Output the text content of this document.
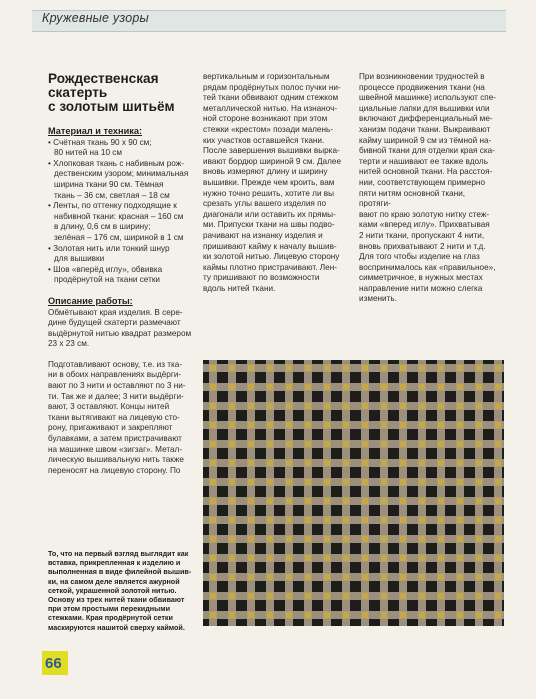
Кружевные узоры
Рождественская скатерть
с золотым шитьём
Материал и техника:
• Счётная ткань 90 х 90 см;
80 нитей на 10 см
• Хлопковая ткань с набивным рож-
дественским узором; минимальная
ширина ткани 90 см. Тёмная
ткань – 36 см, светлая – 18 см
• Ленты, по оттенку подходящие к
набивной ткани: красная – 160 см
в длину, 0,6 см в ширину;
зелёная – 176 см, шириной в 1 см
• Золотая нить или тонкий шнур
для вышивки
• Шов «вперёд иглу», обвивка
продёрнутой на ткани сетки
Описание работы:
Обмётывают края изделия. В сере-
дине будущей скатерти размечают
выдёрнутой нитью квадрат размером
23 х 23 см.
Подготавливают основу, т.е. из тка-
ни в обоих направлениях выдёрги-
вают по 3 нити и оставляют по 3 ни-
ти. Так же и далее; 3 нити выдёрги-
вают, 3 оставляют. Концы нитей
ткани вытягивают на лицевую сто-
рону, пригаживают и закрепляют
булавками, а затем пристрачивают
на машинке швом «зигзаг». Метал-
лическую вышивальную нить также
переносят на лицевую сторону. По
вертикальным и горизонтальным
рядам продёрнутых полос пучки ни-
тей ткани обвивают одним стежком
металлической нитью. На изнаноч-
ной стороне возникают при этом
стежки «крестом» позади малень-
ких участков оставшейся ткани.
После завершения вышивки вырка-
ивают бордюр шириной 9 см. Далее
вновь измеряют длину и ширину
вышивки. Прежде чем кроить, вам
нужно точно решить, хотите ли вы
срезать углы вашего изделия по
диагонали или оставить их прямы-
ми. Припуски ткани на швы подво-
рачивают на изнанку изделия и
пришивают кайму к началу вышив-
ки золотой нитью. Лицевую сторону
каймы плотно пристрачивают. Лен-
ту пришивают по возможности
вдоль нитей ткани.
При возникновении трудностей в
процессе продвижения ткани (на
швейной машинке) используют спе-
циальные лапки для вышивки или
включают дифференциальный ме-
ханизм подачи ткани. Выкраивают
кайму шириной 9 см из тёмной на-
бивной ткани для отделки края ска-
терти и нашивают ее также вдоль
нитей основной ткани. На расстоя-
нии, соответствующем примерно
пяти нитям основной ткани, протяги-
вают по краю золотую нитку стеж-
ками «вперед иглу». Прихватывая
2 нити ткани, пропускают 4 нити,
вновь прихватывают 2 нити и т.д.
Для того чтобы изделие на глаз
воспринималось как «правильное»,
симметричное, в нужных местах
направление нити можно слегка
изменить.
То, что на первый взгляд выглядит как
вставка, прикрепленная к изделию и
выполненная в виде филейной вышив-
ки, на самом деле является ажурной
сеткой, украшенной золотой нитью.
Основу из трех нитей ткани обвивают
при этом простыми перекидными
стежками. Края продёрнутой сетки
маскируются нашитой сверху каймой.
66
